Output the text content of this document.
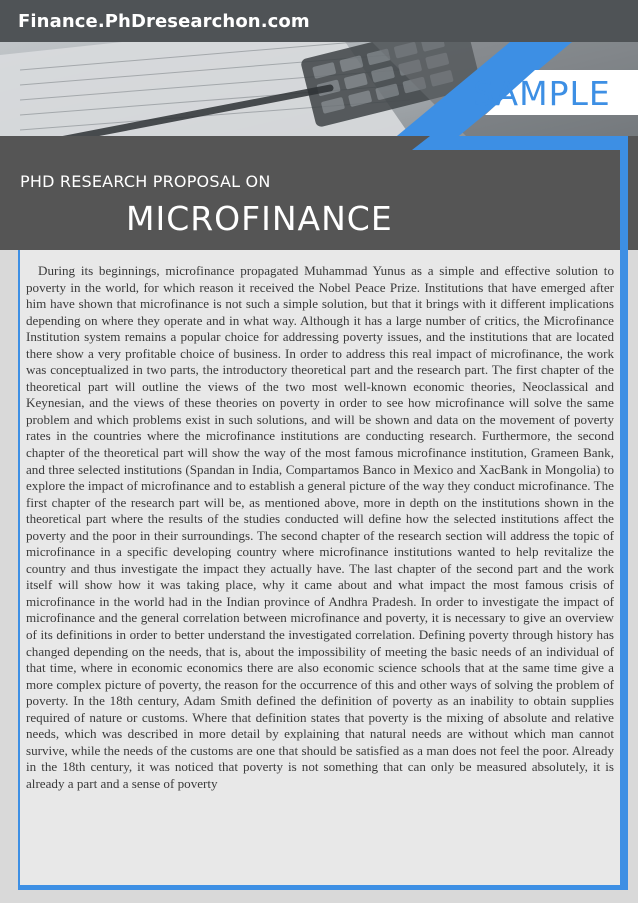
Finance.PhDresearchon.com
SAMPLE
PHD RESEARCH PROPOSAL ON
MICROFINANCE

During its beginnings, microfinance propagated Muhammad Yunus as a simple and effective solution to poverty in the world, for which reason it received the Nobel Peace Prize. Institutions that have emerged after him have shown that microfinance is not such a simple solution, but that it brings with it different implications depending on where they operate and in what way. Although it has a large number of critics, the Microfinance Institution system remains a popular choice for addressing poverty issues, and the institutions that are located there show a very profitable choice of business. In order to address this real impact of microfinance, the work was conceptualized in two parts, the introductory theoretical part and the research part. The first chapter of the theoretical part will outline the views of the two most well-known economic theories, Neoclassical and Keynesian, and the views of these theories on poverty in order to see how microfinance will solve the same problem and which problems exist in such solutions, and will be shown and data on the movement of poverty rates in the countries where the microfinance institutions are conducting research. Furthermore, the second chapter of the theoretical part will show the way of the most famous microfinance institution, Grameen Bank, and three selected institutions (Spandan in India, Compartamos Banco in Mexico and XacBank in Mongolia) to explore the impact of microfinance and to establish a general picture of the way they conduct microfinance. The first chapter of the research part will be, as mentioned above, more in depth on the institutions shown in the theoretical part where the results of the studies conducted will define how the selected institutions affect the poverty and the poor in their surroundings. The second chapter of the research section will address the topic of microfinance in a specific developing country where microfinance institutions wanted to help revitalize the country and thus investigate the impact they actually have. The last chapter of the second part and the work itself will show how it was taking place, why it came about and what impact the most famous crisis of microfinance in the world had in the Indian province of Andhra Pradesh. In order to investigate the impact of microfinance and the general correlation between microfinance and poverty, it is necessary to give an overview of its definitions in order to better understand the investigated correlation. Defining poverty through history has changed depending on the needs, that is, about the impossibility of meeting the basic needs of an individual of that time, where in economic economics there are also economic science schools that at the same time give a more complex picture of poverty, the reason for the occurrence of this and other ways of solving the problem of poverty. In the 18th century, Adam Smith defined the definition of poverty as an inability to obtain supplies required of nature or customs. Where that definition states that poverty is the mixing of absolute and relative needs, which was described in more detail by explaining that natural needs are without which man cannot survive, while the needs of the customs are one that should be satisfied as a man does not feel the poor. Already in the 18th century, it was noticed that poverty is not something that can only be measured absolutely, it is already a part and a sense of poverty
